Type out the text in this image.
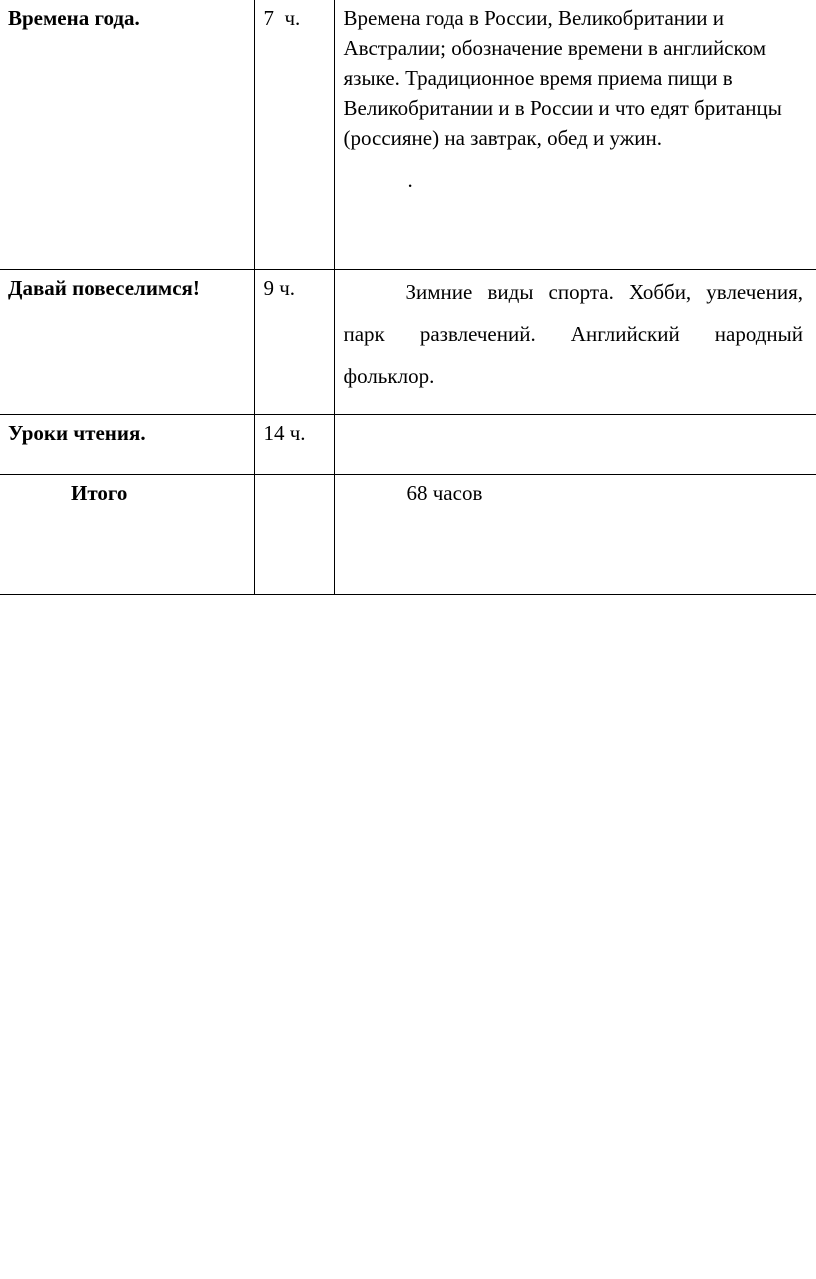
Времена года.	7  ч.	Времена года в России, Великобритании и Австралии; обозначение времени в английском языке. Традиционное время приема пищи в Великобритании и в России и что едят британцы (россияне) на завтрак, обед и ужин.
.

Давай повеселимся!	9 ч.	Зимние виды спорта. Хобби, увлечения, парк развлечений. Английский народный фольклор.

Уроки чтения.	14 ч.	

Итого		68 часов
